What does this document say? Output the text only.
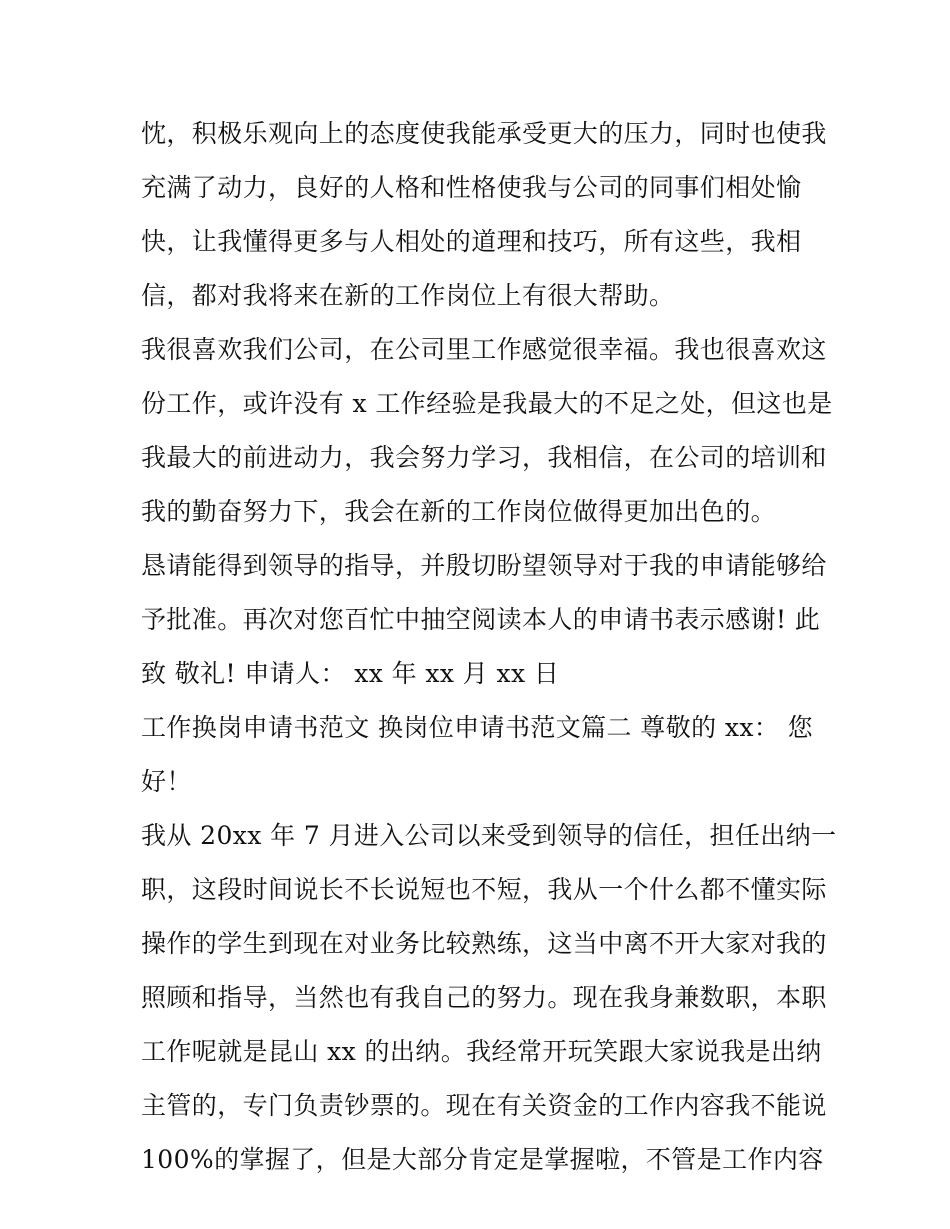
忱，积极乐观向上的态度使我能承受更大的压力，同时也使我
充满了动力，良好的人格和性格使我与公司的同事们相处愉
快，让我懂得更多与人相处的道理和技巧，所有这些，我相
信，都对我将来在新的工作岗位上有很大帮助。
我很喜欢我们公司，在公司里工作感觉很幸福。我也很喜欢这
份工作，或许没有 x 工作经验是我最大的不足之处，但这也是
我最大的前进动力，我会努力学习，我相信，在公司的培训和
我的勤奋努力下，我会在新的工作岗位做得更加出色的。
恳请能得到领导的指导，并殷切盼望领导对于我的申请能够给
予批准。再次对您百忙中抽空阅读本人的申请书表示感谢! 此
致 敬礼! 申请人： xx 年 xx 月 xx 日
工作换岗申请书范文 换岗位申请书范文篇二 尊敬的 xx： 您
好！
我从 20xx 年 7 月进入公司以来受到领导的信任，担任出纳一
职，这段时间说长不长说短也不短，我从一个什么都不懂实际
操作的学生到现在对业务比较熟练，这当中离不开大家对我的
照顾和指导，当然也有我自己的努力。现在我身兼数职，本职
工作呢就是昆山 xx 的出纳。我经常开玩笑跟大家说我是出纳
主管的，专门负责钞票的。现在有关资金的工作内容我不能说
100%的掌握了，但是大部分肯定是掌握啦，不管是工作内容
